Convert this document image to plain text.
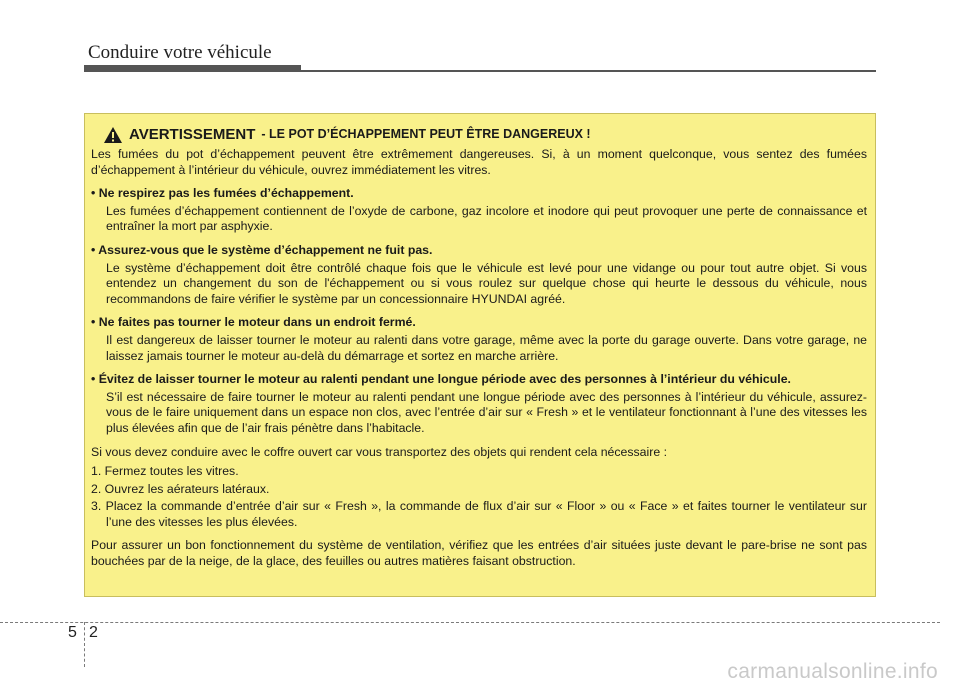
Conduire votre véhicule
AVERTISSEMENT - LE POT D’ÉCHAPPEMENT PEUT ÊTRE DANGEREUX !

Les fumées du pot d’échappement peuvent être extrêmement dangereuses. Si, à un moment quelconque, vous sentez des fumées d’échappement à l’intérieur du véhicule, ouvrez immédiatement les vitres.

• Ne respirez pas les fumées d’échappement.

Les fumées d’échappement contiennent de l’oxyde de carbone, gaz incolore et inodore qui peut provoquer une perte de connaissance et entraîner la mort par asphyxie.

• Assurez-vous que le système d’échappement ne fuit pas.

Le système d’échappement doit être contrôlé chaque fois que le véhicule est levé pour une vidange ou pour tout autre objet. Si vous entendez un changement du son de l'échappement ou si vous roulez sur quelque chose qui heurte le dessous du véhicule, nous recommandons de faire vérifier le système par un concessionnaire HYUNDAI agréé.

• Ne faites pas tourner le moteur dans un endroit fermé.

Il est dangereux de laisser tourner le moteur au ralenti dans votre garage, même avec la porte du garage ouverte. Dans votre garage, ne laissez jamais tourner le moteur au-delà du démarrage et sortez en marche arrière.

• Évitez de laisser tourner le moteur au ralenti pendant une longue période avec des personnes à l’intérieur du véhicule.

S’il est nécessaire de faire tourner le moteur au ralenti pendant une longue période avec des personnes à l’intérieur du véhicule, assurez-vous de le faire uniquement dans un espace non clos, avec l’entrée d’air sur « Fresh » et le ventilateur fonctionnant à l’une des vitesses les plus élevées afin que de l’air frais pénètre dans l’habitacle.

Si vous devez conduire avec le coffre ouvert car vous transportez des objets qui rendent cela nécessaire :

1. Fermez toutes les vitres.

2. Ouvrez les aérateurs latéraux.

3. Placez la commande d’entrée d’air sur « Fresh », la commande de flux d’air sur « Floor » ou « Face » et faites tourner le ventilateur sur l’une des vitesses les plus élevées.

Pour assurer un bon fonctionnement du système de ventilation, vérifiez que les entrées d’air situées juste devant le pare-brise ne sont pas bouchées par de la neige, de la glace, des feuilles ou autres matières faisant obstruction.

5 2
carmanualsonline.info
